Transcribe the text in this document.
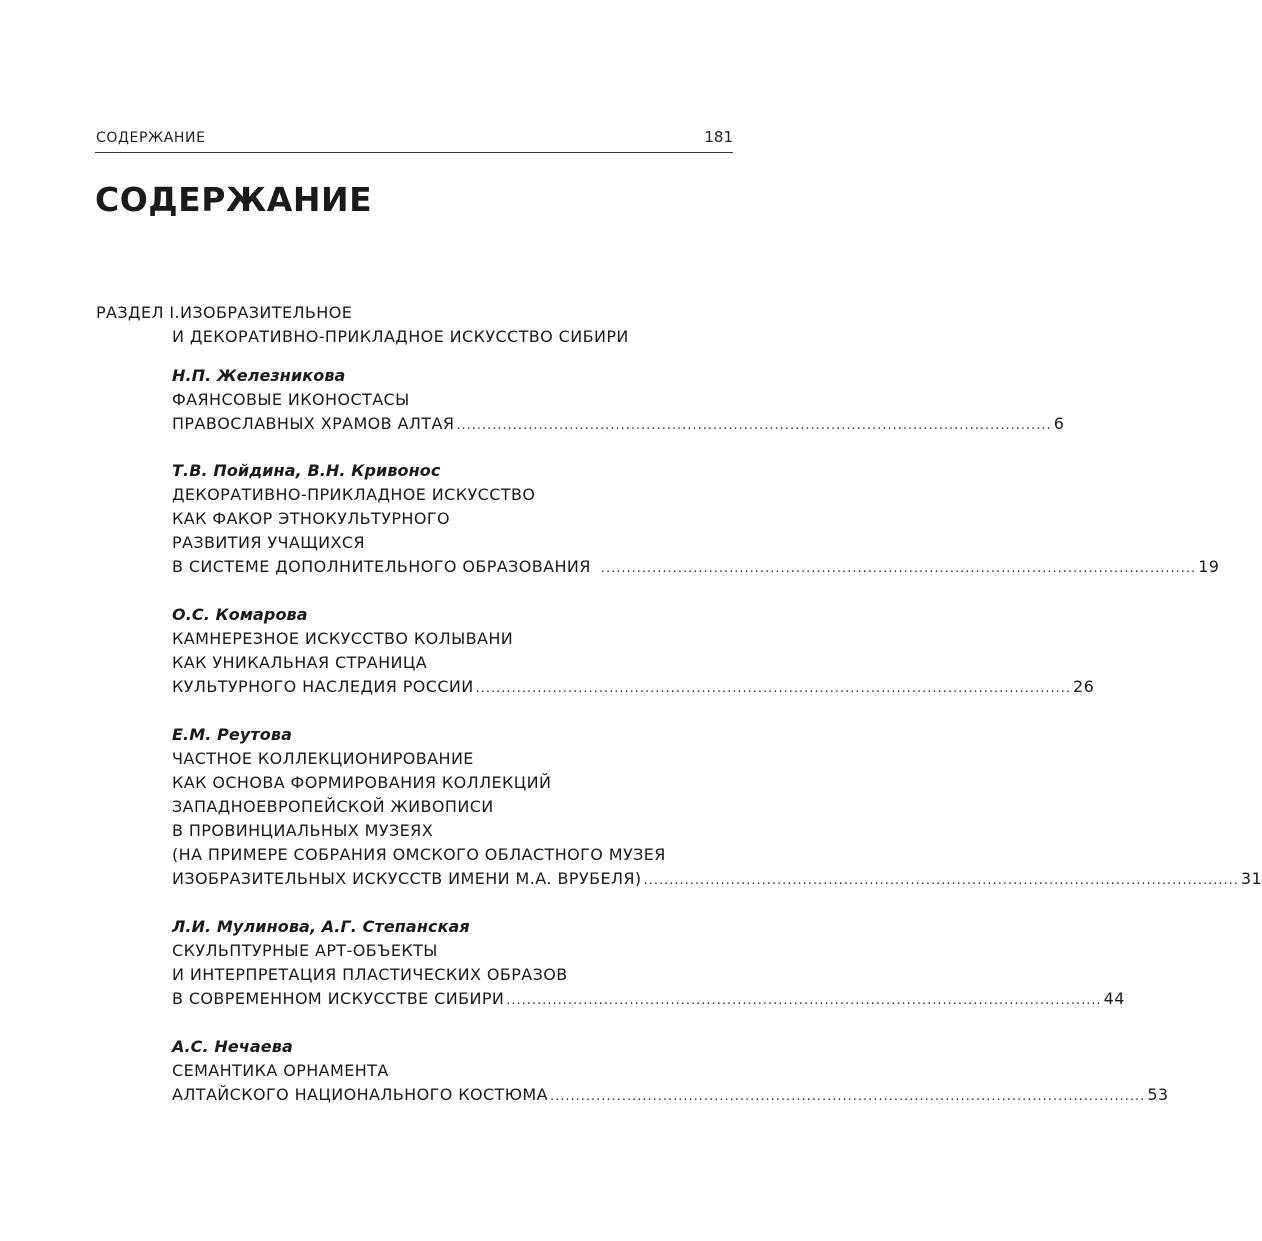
СОДЕРЖАНИЕ	181
СОДЕРЖАНИЕ
РАЗДЕЛ I.ИЗОБРАЗИТЕЛЬНОЕ
И ДЕКОРАТИВНО-ПРИКЛАДНОЕ ИСКУССТВО СИБИРИ
Н.П. Железникова
ФАЯНСОВЫЕ ИКОНОСТАСЫ
ПРАВОСЛАВНЫХ ХРАМОВ АЛТАЯ .................................................................................................................... 6
Т.В. Пойдина, В.Н. Кривонос
ДЕКОРАТИВНО-ПРИКЛАДНОЕ ИСКУССТВО
КАК ФАКОР ЭТНОКУЛЬТУРНОГО
РАЗВИТИЯ УЧАЩИХСЯ
В СИСТЕМЕ ДОПОЛНИТЕЛЬНОГО ОБРАЗОВАНИЯ .................................................................................................................... 19
О.С. Комарова
КАМНЕРЕЗНОЕ ИСКУССТВО КОЛЫВАНИ
КАК УНИКАЛЬНАЯ СТРАНИЦА
КУЛЬТУРНОГО НАСЛЕДИЯ РОССИИ .................................................................................................................... 26
Е.М. Реутова
ЧАСТНОЕ КОЛЛЕКЦИОНИРОВАНИЕ
КАК ОСНОВА ФОРМИРОВАНИЯ КОЛЛЕКЦИЙ
ЗАПАДНОЕВРОПЕЙСКОЙ ЖИВОПИСИ
В ПРОВИНЦИАЛЬНЫХ МУЗЕЯХ
(НА ПРИМЕРЕ СОБРАНИЯ ОМСКОГО ОБЛАСТНОГО МУЗЕЯ
ИЗОБРАЗИТЕЛЬНЫХ ИСКУССТВ ИМЕНИ М.А. ВРУБЕЛЯ) .................................................................................................................... 31
Л.И. Мулинова, А.Г. Степанская
СКУЛЬПТУРНЫЕ АРТ-ОБЪЕКТЫ
И ИНТЕРПРЕТАЦИЯ ПЛАСТИЧЕСКИХ ОБРАЗОВ
В СОВРЕМЕННОМ ИСКУССТВЕ СИБИРИ .................................................................................................................... 44
А.С. Нечаева
СЕМАНТИКА ОРНАМЕНТА
АЛТАЙСКОГО НАЦИОНАЛЬНОГО КОСТЮМА .................................................................................................................... 53
